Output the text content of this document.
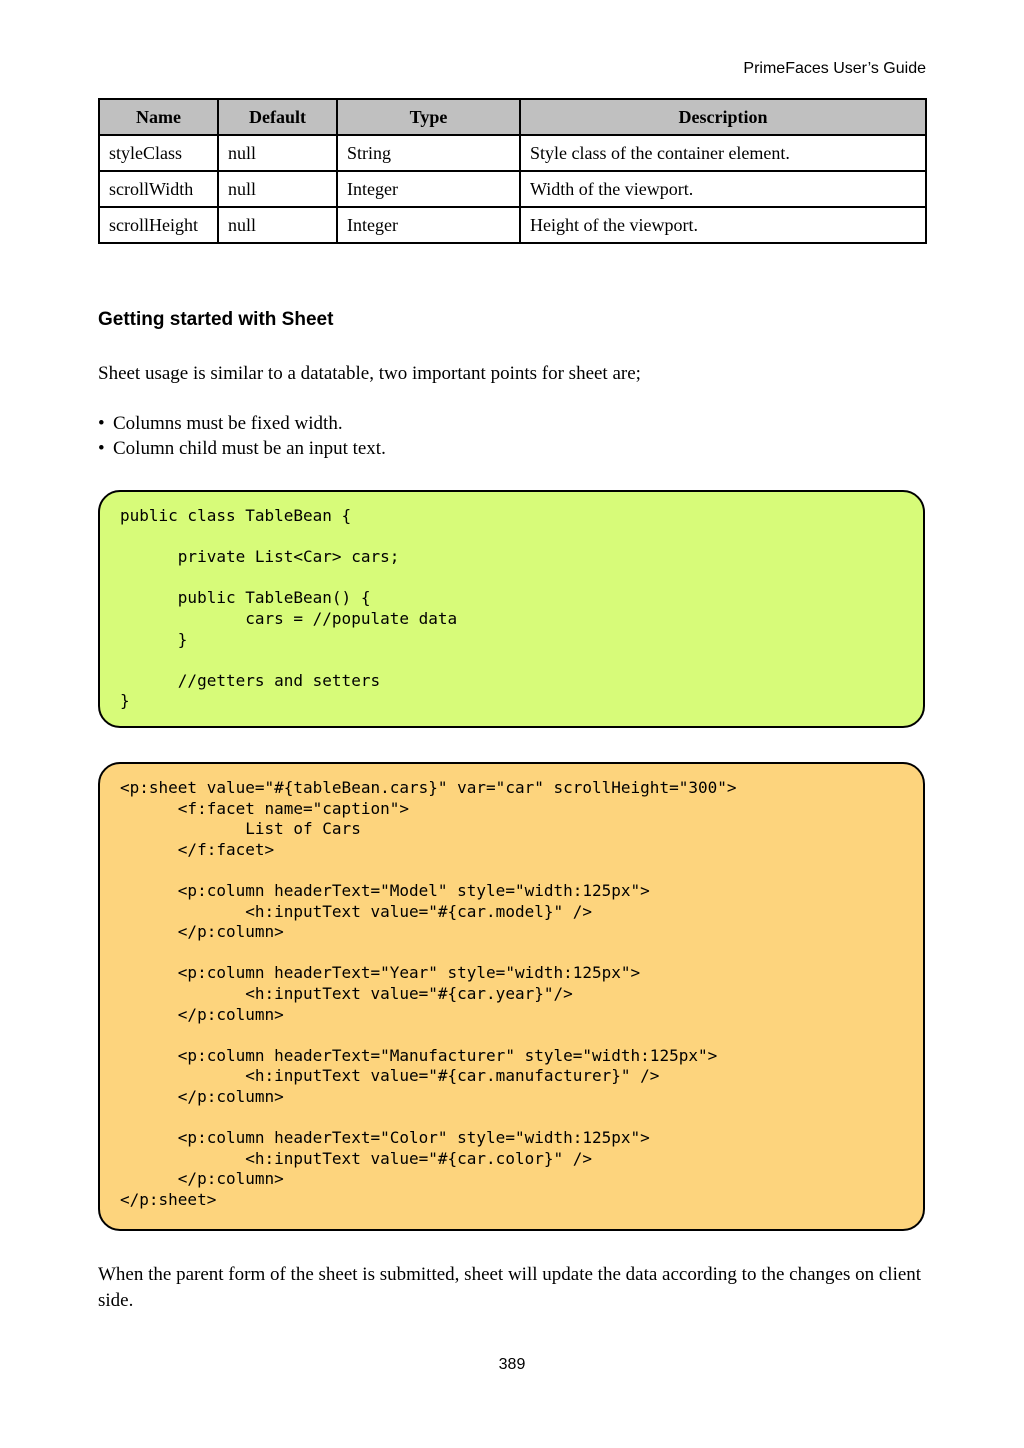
PrimeFaces User’s Guide
Name	Default	Type	Description
styleClass	null	String	Style class of the container element.
scrollWidth	null	Integer	Width of the viewport.
scrollHeight	null	Integer	Height of the viewport.
Getting started with Sheet
Sheet usage is similar to a datatable, two important points for sheet are;
• Columns must be fixed width.
• Column child must be an input text.
public class TableBean {

private List<Car> cars;

public TableBean() {
cars = //populate data
}

//getters and setters
}
<p:sheet value="#{tableBean.cars}" var="car" scrollHeight="300">
<f:facet name="caption">
List of Cars
</f:facet>

<p:column headerText="Model" style="width:125px">
<h:inputText value="#{car.model}" />
</p:column>

<p:column headerText="Year" style="width:125px">
<h:inputText value="#{car.year}"/>
</p:column>

<p:column headerText="Manufacturer" style="width:125px">
<h:inputText value="#{car.manufacturer}" />
</p:column>

<p:column headerText="Color" style="width:125px">
<h:inputText value="#{car.color}" />
</p:column>
</p:sheet>
When the parent form of the sheet is submitted, sheet will update the data according to the changes on client side.
389
